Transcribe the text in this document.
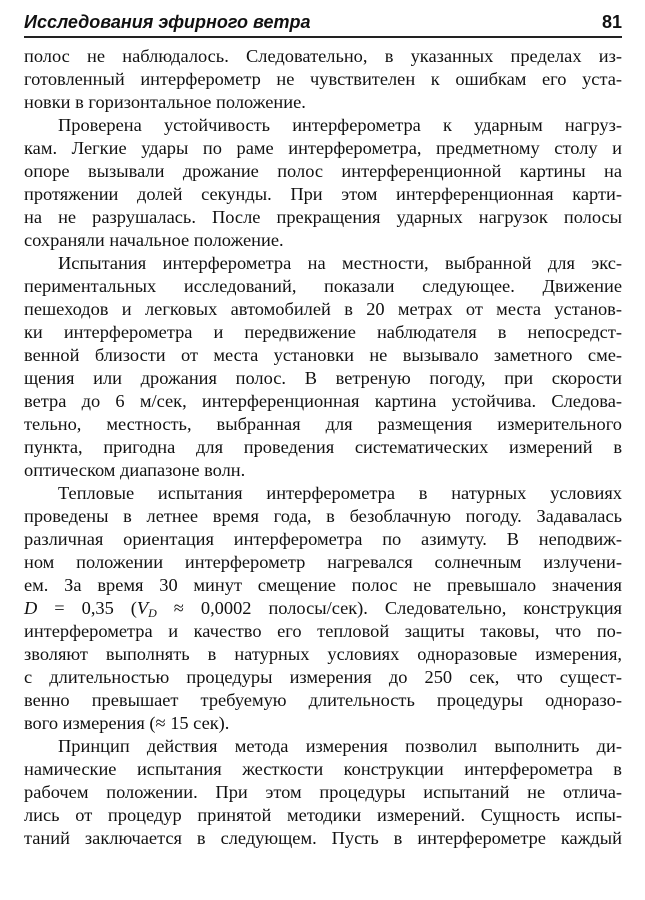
Исследования эфирного ветра	81
полос не наблюдалось. Следовательно, в указанных пределах из-
готовленный интерферометр не чувствителен к ошибкам его уста-
новки в горизонтальное положение.
Проверена устойчивость интерферометра к ударным нагруз-
кам. Легкие удары по раме интерферометра, предметному столу и
опоре вызывали дрожание полос интерференционной картины на
протяжении долей секунды. При этом интерференционная карти-
на не разрушалась. После прекращения ударных нагрузок полосы
сохраняли начальное положение.
Испытания интерферометра на местности, выбранной для экс-
периментальных исследований, показали следующее. Движение
пешеходов и легковых автомобилей в 20 метрах от места установ-
ки интерферометра и передвижение наблюдателя в непосредст-
венной близости от места установки не вызывало заметного сме-
щения или дрожания полос. В ветреную погоду, при скорости
ветра до 6 м/сек, интерференционная картина устойчива. Следова-
тельно, местность, выбранная для размещения измерительного
пункта, пригодна для проведения систематических измерений в
оптическом диапазоне волн.
Тепловые испытания интерферометра в натурных условиях
проведены в летнее время года, в безоблачную погоду. Задавалась
различная ориентация интерферометра по азимуту. В неподвиж-
ном положении интерферометр нагревался солнечным излучени-
ем. За время 30 минут смещение полос не превышало значения
D = 0,35 ($V_D \approx 0,0002$ полосы/сек). Следовательно, конструкция
интерферометра и качество его тепловой защиты таковы, что по-
зволяют выполнять в натурных условиях одноразовые измерения,
с длительностью процедуры измерения до 250 сек, что сущест-
венно превышает требуемую длительность процедуры одноразо-
вого измерения (≈ 15 сек).
Принцип действия метода измерения позволил выполнить ди-
намические испытания жесткости конструкции интерферометра в
рабочем положении. При этом процедуры испытаний не отлича-
лись от процедур принятой методики измерений. Сущность испы-
таний заключается в следующем. Пусть в интерферометре каждый
